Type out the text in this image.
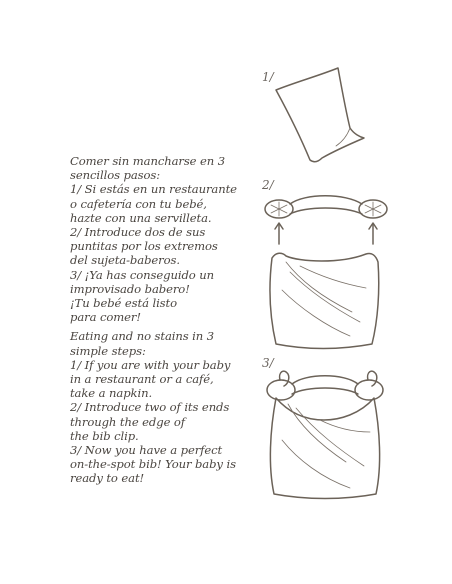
Comer sin mancharse en 3
sencillos pasos:
1/ Si estás en un restaurante
o cafetería con tu bebé,
hazte con una servilleta.
2/ Introduce dos de sus
puntitas por los extremos
del sujeta-baberos.
3/ ¡Ya has conseguido un
improvisado babero!
¡Tu bebé está listo
para comer!
Eating and no stains in 3
simple steps:
1/ If you are with your baby
in a restaurant or a café,
take a napkin.
2/ Introduce two of its ends
through the edge of
the bib clip.
3/ Now you have a perfect
on-the-spot bib! Your baby is
ready to eat!
1/
2/
3/
